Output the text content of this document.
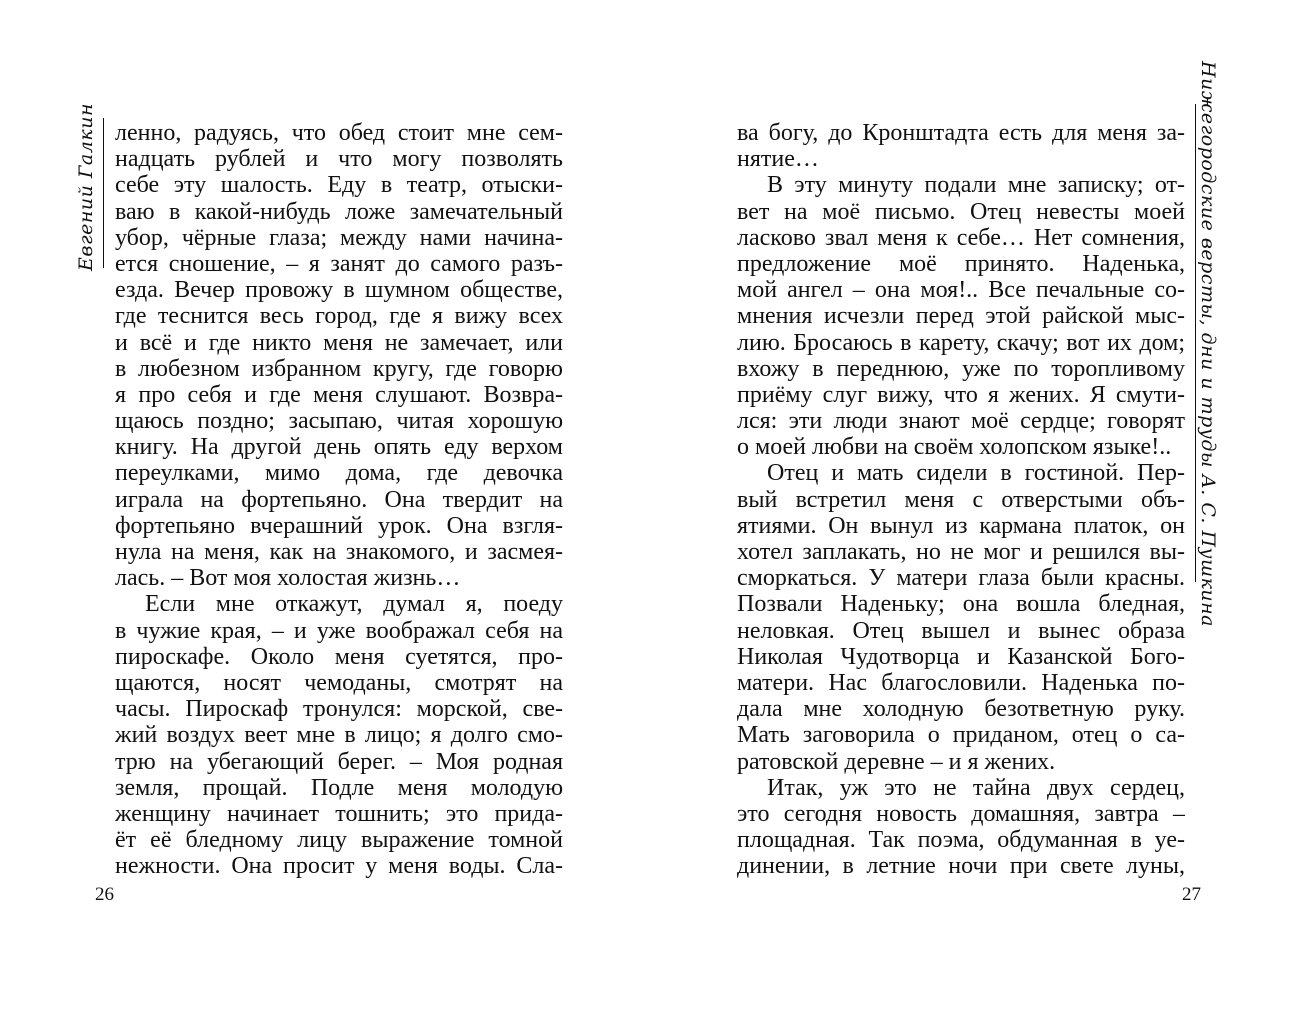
Евгений Галкин ленно, радуясь, что обед стоит мне сем-
надцать рублей и что могу позволять
себе эту шалость. Еду в театр, отыски-
ваю в какой-нибудь ложе замечательный
убор, чёрные глаза; между нами начина-
ется сношение, – я занят до самого разъ-
езда. Вечер провожу в шумном обществе,
где теснится весь город, где я вижу всех
и всё и где никто меня не замечает, или
в любезном избранном кругу, где говорю
я про себя и где меня слушают. Возвра-
щаюсь поздно; засыпаю, читая хорошую
книгу. На другой день опять еду верхом
переулками, мимо дома, где девочка
играла на фортепьяно. Она твердит на
фортепьяно вчерашний урок. Она взгля-
нула на меня, как на знакомого, и засмея-
лась. – Вот моя холостая жизнь…
Если мне откажут, думал я, поеду
в чужие края, – и уже воображал себя на
пироскафе. Около меня суетятся, про-
щаются, носят чемоданы, смотрят на
часы. Пироскаф тронулся: морской, све-
жий воздух веет мне в лицо; я долго смо-
трю на убегающий берег. – Моя родная
земля, прощай. Подле меня молодую
женщину начинает тошнить; это прида-
ёт её бледному лицу выражение томной
нежности. Она просит у меня воды. Сла-
26
Нижегородские версты, дни и труды А. С. Пушкина
ва богу, до Кронштадта есть для меня за-
нятие…
В эту минуту подали мне записку; от-
вет на моё письмо. Отец невесты моей
ласково звал меня к себе… Нет сомнения,
предложение моё принято. Наденька,
мой ангел – она моя!.. Все печальные со-
мнения исчезли перед этой райской мыс-
лию. Бросаюсь в карету, скачу; вот их дом;
вхожу в переднюю, уже по торопливому
приёму слуг вижу, что я жених. Я смути-
лся: эти люди знают моё сердце; говорят
о моей любви на своём холопском языке!..
Отец и мать сидели в гостиной. Пер-
вый встретил меня с отверстыми объ-
ятиями. Он вынул из кармана платок, он
хотел заплакать, но не мог и решился вы-
сморкаться. У матери глаза были красны.
Позвали Наденьку; она вошла бледная,
неловкая. Отец вышел и вынес образа
Николая Чудотворца и Казанской Бого-
матери. Нас благословили. Наденька по-
дала мне холодную безответную руку.
Мать заговорила о приданом, отец о са-
ратовской деревне – и я жених.
Итак, уж это не тайна двух сердец,
это сегодня новость домашняя, завтра –
площадная. Так поэма, обдуманная в уе-
динении, в летние ночи при свете луны,
27
